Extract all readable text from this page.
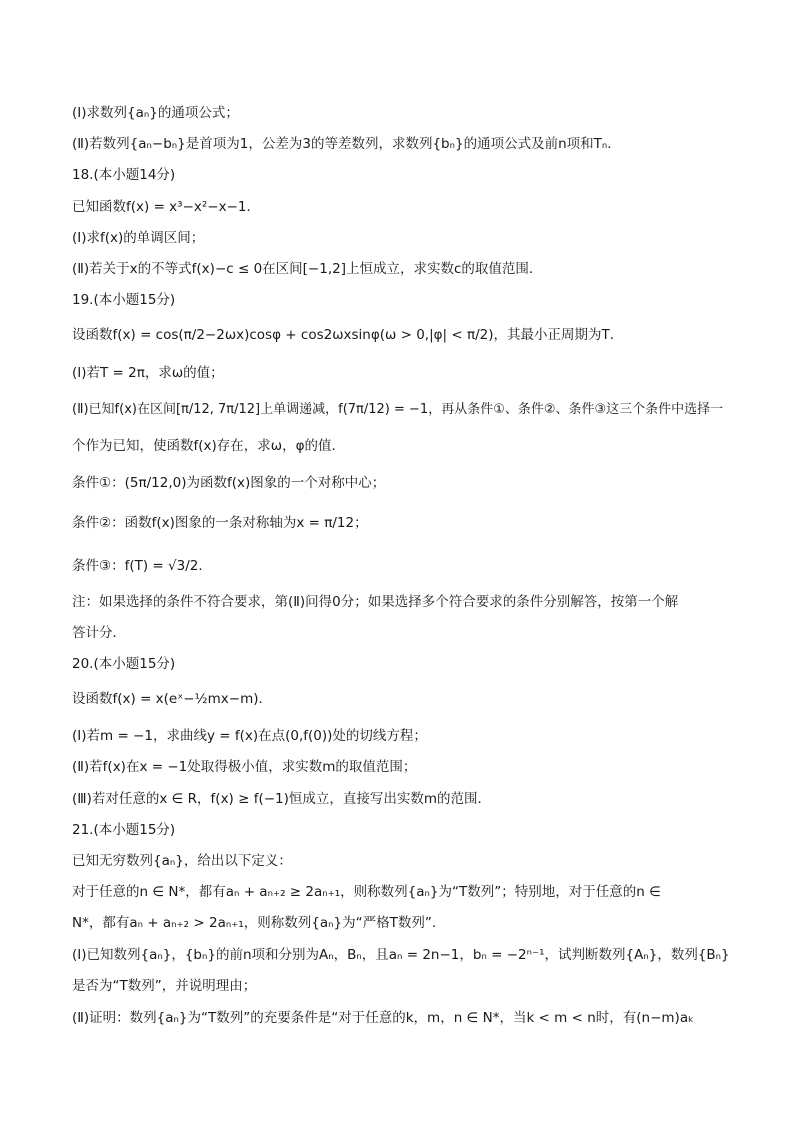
(Ⅰ)求数列{aₙ}的通项公式；
(Ⅱ)若数列{aₙ−bₙ}是首项为1，公差为3的等差数列，求数列{bₙ}的通项公式及前n项和Tₙ．
18.(本小题14分)
已知函数f(x) = x³−x²−x−1．
(Ⅰ)求f(x)的单调区间；
(Ⅱ)若关于x的不等式f(x)−c ≤ 0在区间[−1,2]上恒成立，求实数c的取值范围．
19.(本小题15分)
设函数f(x) = cos(π/2−2ωx)cosφ + cos2ωxsinφ(ω > 0,|φ| < π/2)，其最小正周期为T．
(Ⅰ)若T = 2π，求ω的值；
(Ⅱ)已知f(x)在区间[π/12, 7π/12]上单调递减，f(7π/12) = −1，再从条件①、条件②、条件③这三个条件中选择一
个作为已知，使函数f(x)存在，求ω，φ的值．
条件①：(5π/12,0)为函数f(x)图象的一个对称中心；
条件②：函数f(x)图象的一条对称轴为x = π/12；
条件③：f(T) = √3/2．
注：如果选择的条件不符合要求，第(Ⅱ)问得0分；如果选择多个符合要求的条件分别解答，按第一个解
答计分．
20.(本小题15分)
设函数f(x) = x(eˣ−½mx−m)．
(Ⅰ)若m = −1，求曲线y = f(x)在点(0,f(0))处的切线方程；
(Ⅱ)若f(x)在x = −1处取得极小值，求实数m的取值范围；
(Ⅲ)若对任意的x ∈ R，f(x) ≥ f(−1)恒成立，直接写出实数m的范围．
21.(本小题15分)
已知无穷数列{aₙ}，给出以下定义：
对于任意的n ∈ N*，都有aₙ + aₙ₊₂ ≥ 2aₙ₊₁，则称数列{aₙ}为“T数列”；特别地，对于任意的n ∈
N*，都有aₙ + aₙ₊₂ > 2aₙ₊₁，则称数列{aₙ}为“严格T数列”．
(Ⅰ)已知数列{aₙ}，{bₙ}的前n项和分别为Aₙ，Bₙ，且aₙ = 2n−1，bₙ = −2ⁿ⁻¹，试判断数列{Aₙ}，数列{Bₙ}
是否为“T数列”，并说明理由；
(Ⅱ)证明：数列{aₙ}为“T数列”的充要条件是“对于任意的k，m，n ∈ N*，当k < m < n时，有(n−m)aₖ
